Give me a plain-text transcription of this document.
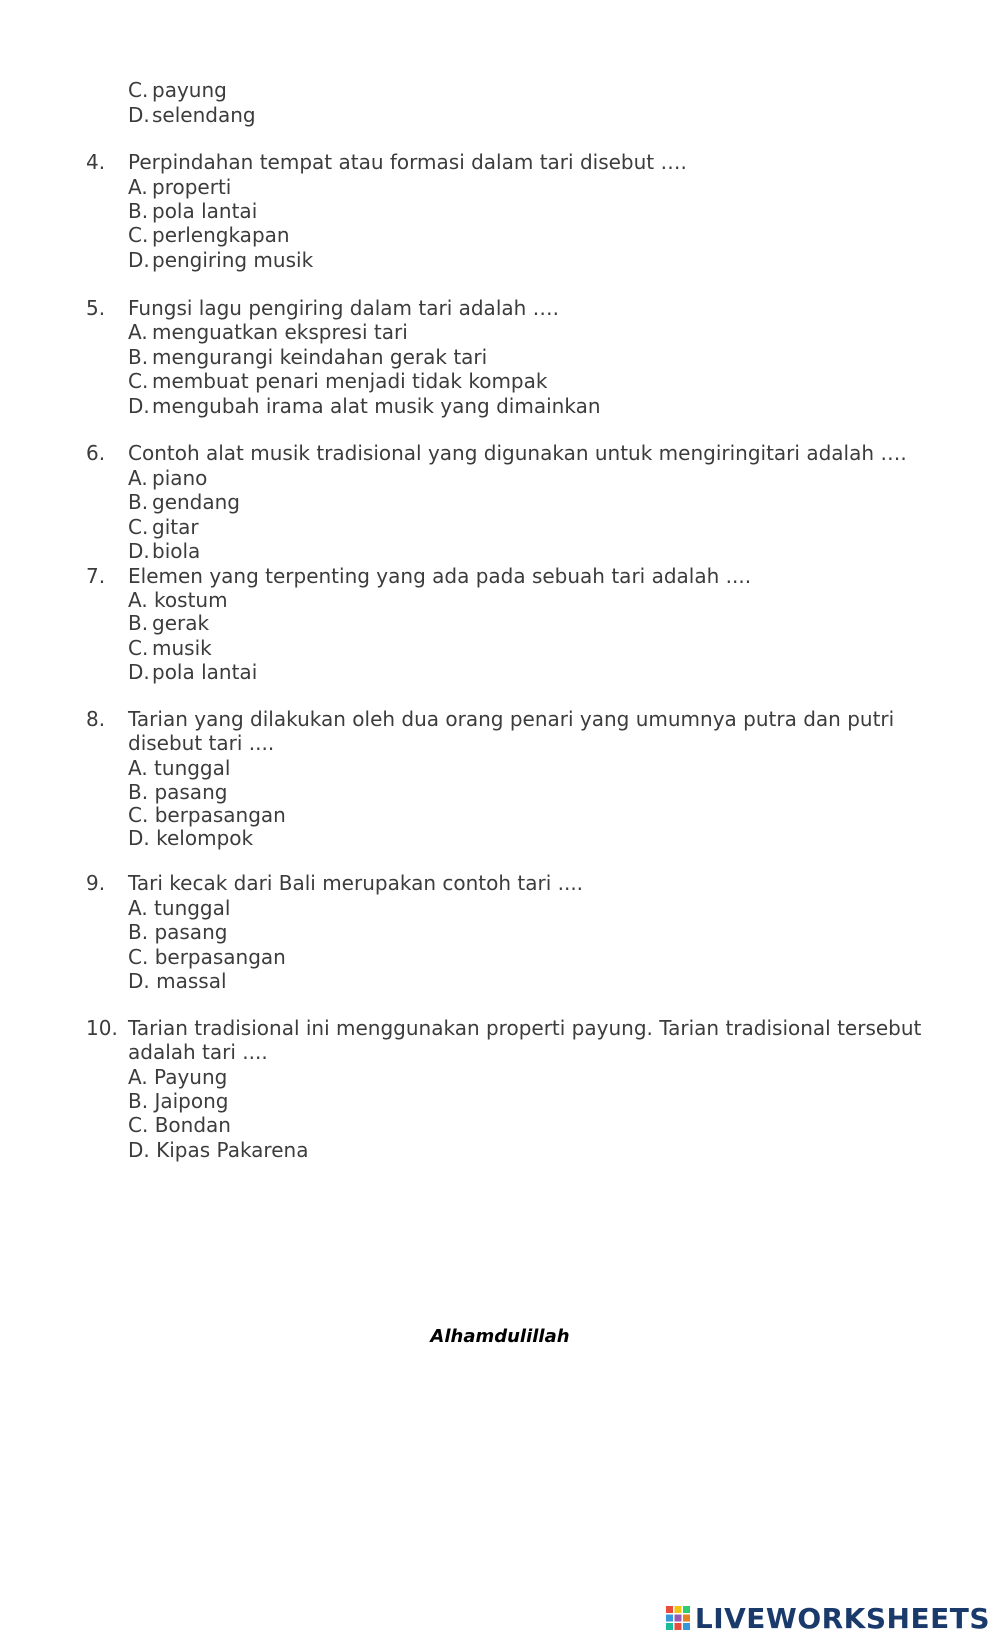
C. payung
D. selendang
4.	Perpindahan tempat atau formasi dalam tari disebut ….
A. properti
B. pola lantai
C. perlengkapan
D. pengiring musik
5.	Fungsi lagu pengiring dalam tari adalah ….
A. menguatkan ekspresi tari
B. mengurangi keindahan gerak tari
C. membuat penari menjadi tidak kompak
D. mengubah irama alat musik yang dimainkan
6.	Contoh alat musik tradisional yang digunakan untuk mengiringitari adalah ….
A. piano
B. gendang
C. gitar
D. biola
7.	Elemen yang terpenting yang ada pada sebuah tari adalah ....
A. kostum
B. gerak
C. musik
D. pola lantai
8.	Tarian yang dilakukan oleh dua orang penari yang umumnya putra dan putri
disebut tari ....
A. tunggal
B. pasang
C. berpasangan
D. kelompok
9.	Tari kecak dari Bali merupakan contoh tari ....
A. tunggal
B. pasang
C. berpasangan
D. massal
10. Tarian tradisional ini menggunakan properti payung. Tarian tradisional tersebut
adalah tari ....
A. Payung
B. Jaipong
C. Bondan
D. Kipas Pakarena
Alhamdulillah
LIVEWORKSHEETS
